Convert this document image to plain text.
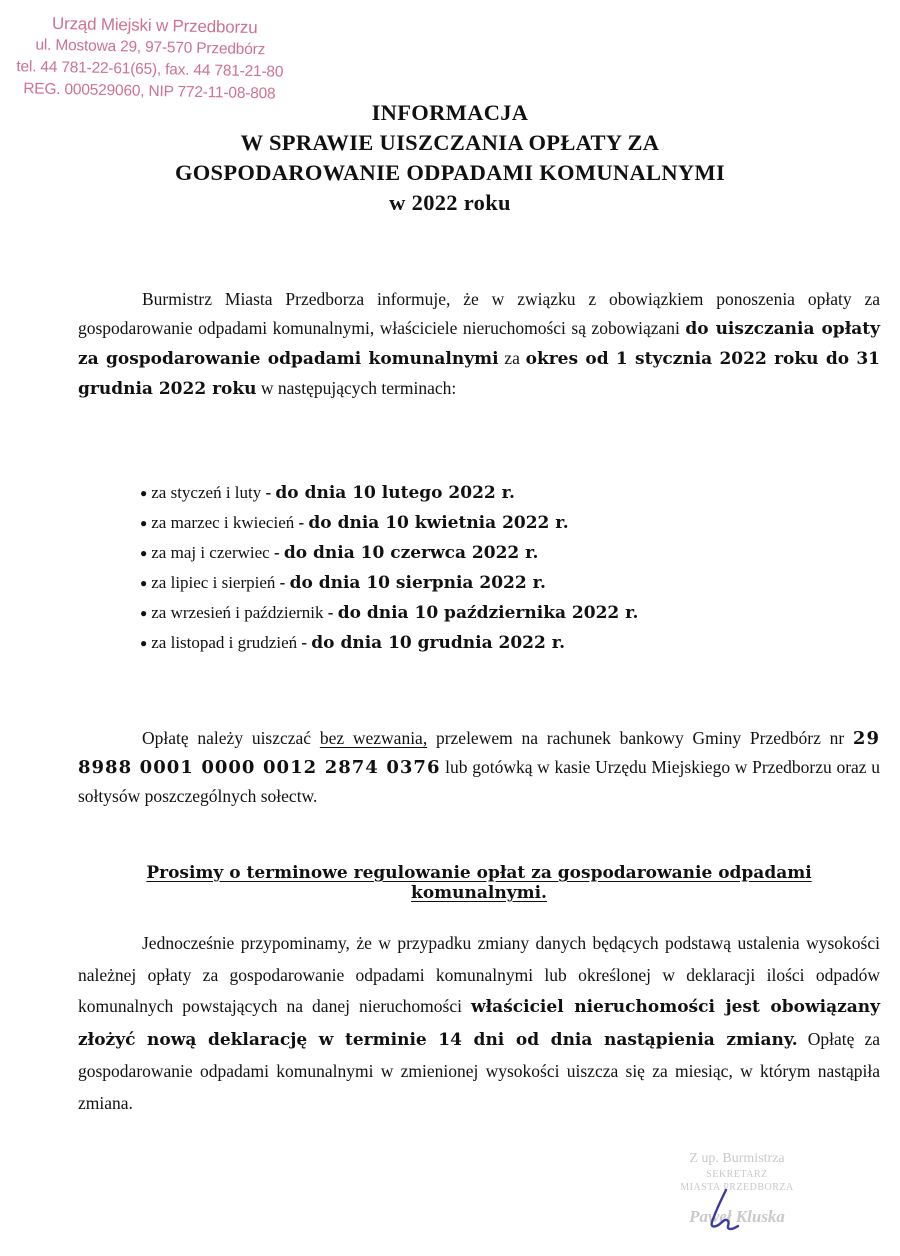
Urząd Miejski w Przedborzu
ul. Mostowa 29, 97-570 Przedbórz
tel. 44 781-22-61(65), fax. 44 781-21-80
REG. 000529060, NIP 772-11-08-808
INFORMACJA
W SPRAWIE UISZCZANIA OPŁATY ZA
GOSPODAROWANIE ODPADAMI KOMUNALNYMI
w 2022 roku
Burmistrz Miasta Przedborza informuje, że w związku z obowiązkiem ponoszenia opłaty za gospodarowanie odpadami komunalnymi, właściciele nieruchomości są zobowiązani do uiszczania opłaty za gospodarowanie odpadami komunalnymi za okres od 1 stycznia 2022 roku do 31 grudnia 2022 roku w następujących terminach:
● za styczeń i luty - do dnia 10 lutego 2022 r.
● za marzec i kwiecień - do dnia 10 kwietnia 2022 r.
● za maj i czerwiec - do dnia 10 czerwca 2022 r.
● za lipiec i sierpień - do dnia 10 sierpnia 2022 r.
● za wrzesień i październik - do dnia 10 października 2022 r.
● za listopad i grudzień - do dnia 10 grudnia 2022 r.
Opłatę należy uiszczać bez wezwania, przelewem na rachunek bankowy Gminy Przedbórz nr 29 8988 0001 0000 0012 2874 0376 lub gotówką w kasie Urzędu Miejskiego w Przedborzu oraz u sołtysów poszczególnych sołectw.
Prosimy o terminowe regulowanie opłat za gospodarowanie odpadami komunalnymi.
Jednocześnie przypominamy, że w przypadku zmiany danych będących podstawą ustalenia wysokości należnej opłaty za gospodarowanie odpadami komunalnymi lub określonej w deklaracji ilości odpadów komunalnych powstających na danej nieruchomości właściciel nieruchomości jest obowiązany złożyć nową deklarację w terminie 14 dni od dnia nastąpienia zmiany. Opłatę za gospodarowanie odpadami komunalnymi w zmienionej wysokości uiszcza się za miesiąc, w którym nastąpiła zmiana.
Z up. Burmistrza
SEKRETARZ
MIASTA PRZEDBORZA
Paweł Kluska
